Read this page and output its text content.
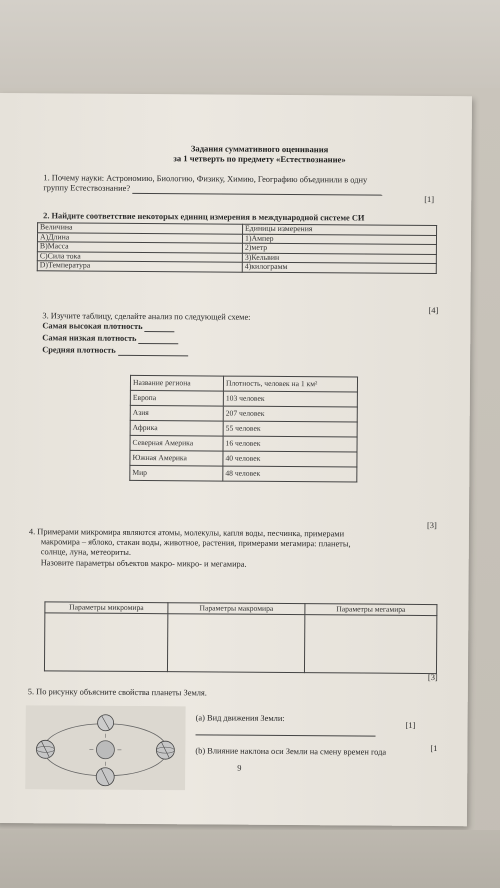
Задания суммативного оценивания
за 1 четверть по предмету «Естествознание»
1. Почему науки: Астрономию, Биологию, Физику, Химию, Географию объединили в одну
группу Естествознание?
[1]
2. Найдите соответствие некоторых единиц измерения в международной системе СИ
Величина	Единицы измерения
А)Длина	1)Ампер
В)Масса	2)метр
С)Сила тока	3)Кельвин
D)Температура	4)килограмм
[4]
3. Изучите таблицу, сделайте анализ по следующей схеме:
Самая высокая плотность
Самая низкая плотность
Средняя плотность
Название региона	Плотность, человек на 1 км²
Европа	103 человек
Азия	207 человек
Африка	55 человек
Северная Америка	16 человек
Южная Америка	40 человек
Мир	48 человек
[3]
4. Примерами микромира являются атомы, молекулы, капля воды, песчинка, примерами
макромира – яблоко, стакан воды, животное, растения, примерами мегамира: планеты,
солнце, луна, метеориты.
Назовите параметры объектов макро- микро- и мегамира.
Параметры микромира	Параметры макромира	Параметры мегамира

[3]
5. По рисунку объясните свойства планеты Земля.
(а) Вид движения Земли:
[1]
(b) Влияние наклона оси Земли на смену времен года	[1
9
